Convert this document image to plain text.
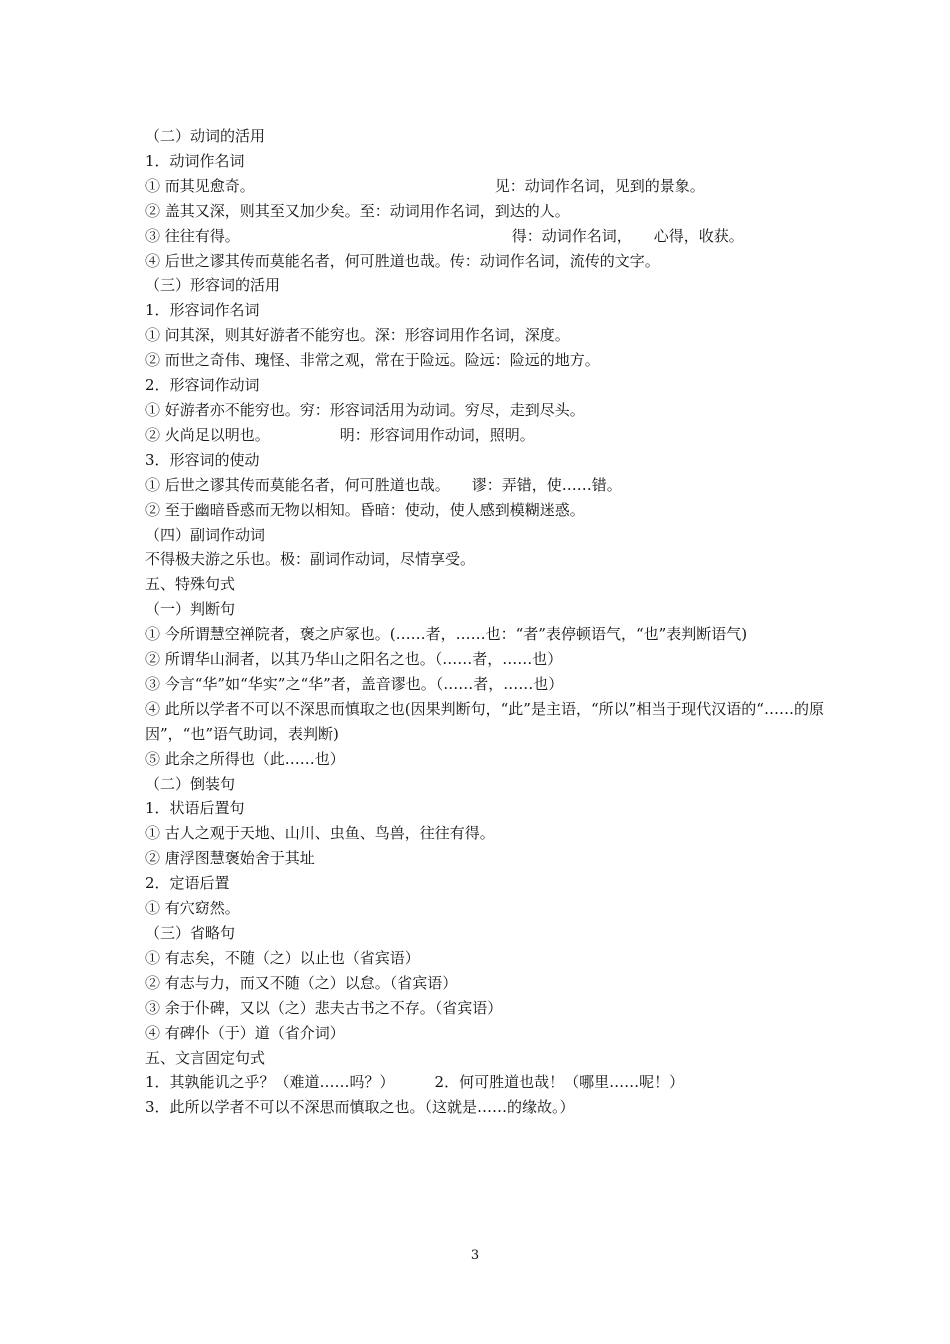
（二）动词的活用
1．动词作名词
① 而其见愈奇。	见：动词作名词，见到的景象。
② 盖其又深，则其至又加少矣。至：动词用作名词，到达的人。
③ 往往有得。	得：动词作名词， 心得，收获。
④ 后世之谬其传而莫能名者，何可胜道也哉。传：动词作名词，流传的文字。
（三）形容词的活用
1．形容词作名词
① 问其深，则其好游者不能穷也。深：形容词用作名词，深度。
② 而世之奇伟、瑰怪、非常之观，常在于险远。险远：险远的地方。
2．形容词作动词
① 好游者亦不能穷也。穷：形容词活用为动词。穷尽，走到尽头。
② 火尚足以明也。	明：形容词用作动词，照明。
3．形容词的使动
① 后世之谬其传而莫能名者，何可胜道也哉。 谬：弄错，使……错。
② 至于幽暗昏惑而无物以相知。昏暗：使动，使人感到模糊迷惑。
（四）副词作动词
不得极夫游之乐也。极：副词作动词，尽情享受。
五、特殊句式
（一）判断句
① 今所谓慧空禅院者，褒之庐冢也。(……者，……也：“者”表停顿语气，“也”表判断语气)
② 所谓华山洞者，以其乃华山之阳名之也。（……者，……也）
③ 今言“华”如“华实”之“华”者，盖音谬也。（……者，……也）
④ 此所以学者不可以不深思而慎取之也(因果判断句，“此”是主语，“所以”相当于现代汉语的“……的原因”，“也”语气助词，表判断)
⑤ 此余之所得也（此……也）
（二）倒装句
1．状语后置句
① 古人之观于天地、山川、虫鱼、鸟兽，往往有得。
② 唐浮图慧褒始舍于其址
2．定语后置
① 有穴窈然。
（三）省略句
① 有志矣，不随（之）以止也（省宾语）
② 有志与力，而又不随（之）以怠。（省宾语）
③ 余于仆碑，又以（之）悲夫古书之不存。（省宾语）
④ 有碑仆（于）道（省介词）
五、文言固定句式
1．其孰能讥之乎？（难道……吗？）	2．何可胜道也哉！（哪里……呢！）
3．此所以学者不可以不深思而慎取之也。（这就是……的缘故。）
3
